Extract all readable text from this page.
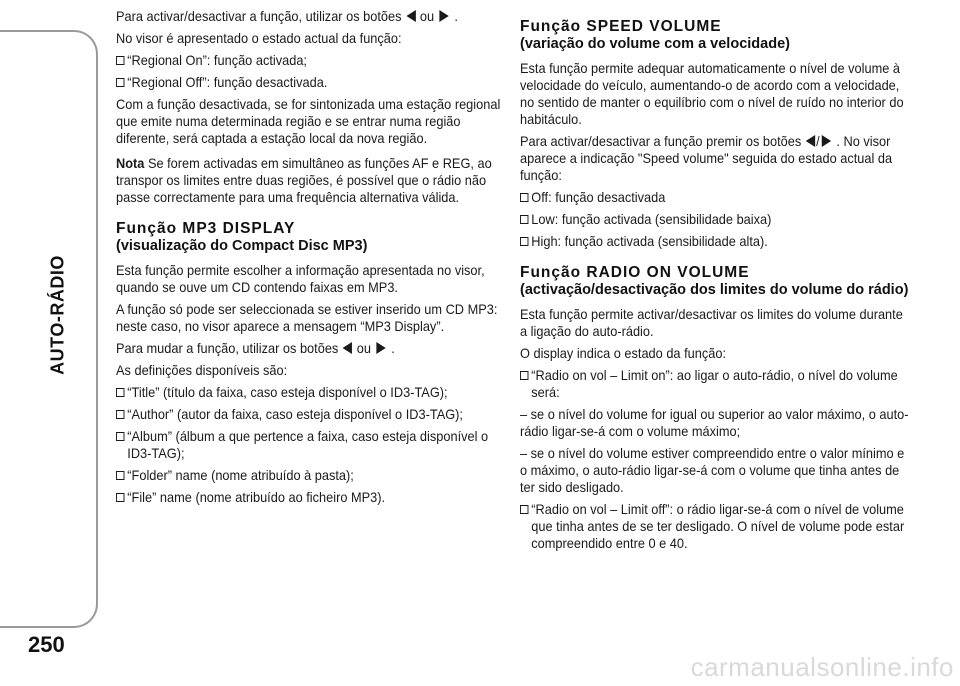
AUTO-RÁDIO
250

Para activar/desactivar a função, utilizar os botões  ou  .

No visor é apresentado o estado actual da função:

“Regional On”: função activada;

“Regional Off”: função desactivada.

Com a função desactivada, se for sintonizada uma estação regional que emite numa determinada região e se entrar numa região diferente, será captada a estação local da nova região.

Nota Se forem activadas em simultâneo as funções AF e REG, ao transpor os limites entre duas regiões, é possível que o rádio não passe correctamente para uma frequência alternativa válida.

Função MP3 DISPLAY
(visualização do Compact Disc MP3)

Esta função permite escolher a informação apresentada no visor, quando se ouve um CD contendo faixas em MP3.

A função só pode ser seleccionada se estiver inserido um CD MP3: neste caso, no visor aparece a mensagem “MP3 Display”.

Para mudar a função, utilizar os botões  ou  .

As definições disponíveis são:

“Title” (título da faixa, caso esteja disponível o ID3-TAG);

“Author” (autor da faixa, caso esteja disponível o ID3-TAG);

“Album” (álbum a que pertence a faixa, caso esteja disponível o ID3-TAG);

“Folder” name (nome atribuído à pasta);

“File” name (nome atribuído ao ficheiro MP3).

Função SPEED VOLUME
(variação do volume com a velocidade)

Esta função permite adequar automaticamente o nível de volume à velocidade do veículo, aumentando-o de acordo com a velocidade, no sentido de manter o equilíbrio com o nível de ruído no interior do habitáculo.

Para activar/desactivar a função premir os botões / . No visor aparece a indicação "Speed volume" seguida do estado actual da função:

Off: função desactivada

Low: função activada (sensibilidade baixa)

High: função activada (sensibilidade alta).

Função RADIO ON VOLUME
(activação/desactivação dos limites do volume do rádio)

Esta função permite activar/desactivar os limites do volume durante a ligação do auto-rádio.

O display indica o estado da função:

“Radio on vol – Limit on”: ao ligar o auto-rádio, o nível do volume será:

– se o nível do volume for igual ou superior ao valor máximo, o auto-rádio ligar-se-á com o volume máximo;

– se o nível do volume estiver compreendido entre o valor mínimo e o máximo, o auto-rádio ligar-se-á com o volume que tinha antes de ter sido desligado.

“Radio on vol – Limit off”: o rádio ligar-se-á com o nível de volume que tinha antes de se ter desligado. O nível de volume pode estar compreendido entre 0 e 40.

carmanualsonline.info
